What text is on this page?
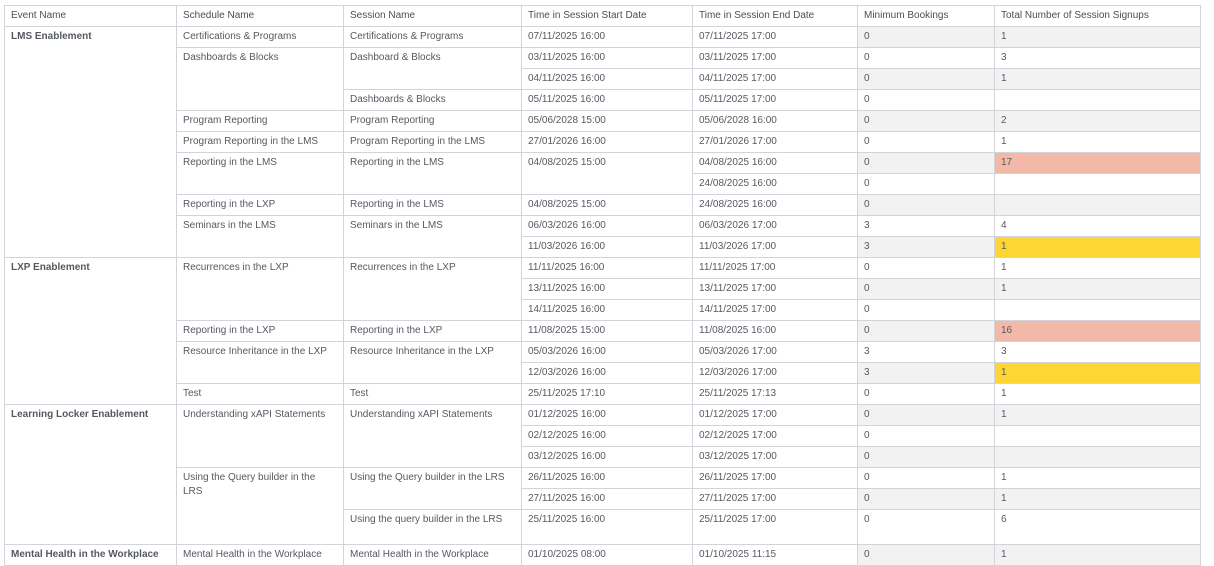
Event Name	Schedule Name	Session Name	Time in Session Start Date	Time in Session End Date	Minimum Bookings	Total Number of Session Signups
LMS Enablement	Certifications & Programs	Certifications & Programs	07/11/2025 16:00	07/11/2025 17:00	0	1
	Dashboards & Blocks	Dashboard & Blocks	03/11/2025 16:00	03/11/2025 17:00	0	3
			04/11/2025 16:00	04/11/2025 17:00	0	1
		Dashboards & Blocks	05/11/2025 16:00	05/11/2025 17:00	0	
	Program Reporting	Program Reporting	05/06/2028 15:00	05/06/2028 16:00	0	2
	Program Reporting in the LMS	Program Reporting in the LMS	27/01/2026 16:00	27/01/2026 17:00	0	1
	Reporting in the LMS	Reporting in the LMS	04/08/2025 15:00	04/08/2025 16:00	0	17
				24/08/2025 16:00	0	
	Reporting in the LXP	Reporting in the LMS	04/08/2025 15:00	24/08/2025 16:00	0	
	Seminars in the LMS	Seminars in the LMS	06/03/2026 16:00	06/03/2026 17:00	3	4
			11/03/2026 16:00	11/03/2026 17:00	3	1
LXP Enablement	Recurrences in the LXP	Recurrences in the LXP	11/11/2025 16:00	11/11/2025 17:00	0	1
			13/11/2025 16:00	13/11/2025 17:00	0	1
			14/11/2025 16:00	14/11/2025 17:00	0	
	Reporting in the LXP	Reporting in the LXP	11/08/2025 15:00	11/08/2025 16:00	0	16
	Resource Inheritance in the LXP	Resource Inheritance in the LXP	05/03/2026 16:00	05/03/2026 17:00	3	3
			12/03/2026 16:00	12/03/2026 17:00	3	1
	Test	Test	25/11/2025 17:10	25/11/2025 17:13	0	1
Learning Locker Enablement	Understanding xAPI Statements	Understanding xAPI Statements	01/12/2025 16:00	01/12/2025 17:00	0	1
			02/12/2025 16:00	02/12/2025 17:00	0	
			03/12/2025 16:00	03/12/2025 17:00	0	
	Using the Query builder in the LRS	Using the Query builder in the LRS	26/11/2025 16:00	26/11/2025 17:00	0	1
			27/11/2025 16:00	27/11/2025 17:00	0	1
		Using the query builder in the LRS	25/11/2025 16:00	25/11/2025 17:00	0	6
Mental Health in the Workplace	Mental Health in the Workplace	Mental Health in the Workplace	01/10/2025 08:00	01/10/2025 11:15	0	1
